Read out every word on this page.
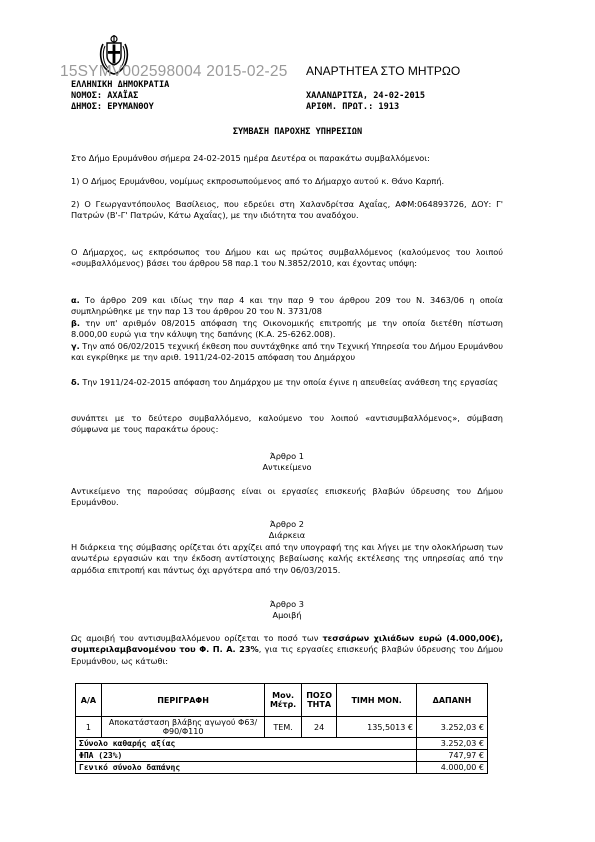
15SYMV002598004 2015-02-25 ΑΝΑΡΤΗΤΕΑ ΣΤΟ ΜΗΤΡΩΟ
ΕΛΛΗΝΙΚΗ ΔΗΜΟΚΡΑΤΙΑ
ΝΟΜΟΣ: ΑΧΑΪΑΣ
ΔΗΜΟΣ: ΕΡΥΜΑΝΘΟΥ
ΧΑΛΑΝΔΡΙΤΣΑ, 24-02-2015
ΑΡΙΘΜ. ΠΡΩΤ.: 1913
ΣΥΜΒΑΣΗ ΠΑΡΟΧΗΣ ΥΠΗΡΕΣΙΩΝ
Στο Δήμο Ερυμάνθου σήμερα 24-02-2015 ημέρα Δευτέρα οι παρακάτω συμβαλλόμενοι:
1) Ο Δήμος Ερυμάνθου, νομίμως εκπροσωπούμενος από το Δήμαρχο αυτού κ. Θάνο Καρπή.
2) Ο Γεωργαντόπουλος Βασίλειος, που εδρεύει στη Χαλανδρίτσα Αχαΐας, ΑΦΜ:064893726, ΔΟΥ: Γ' Πατρών (Β'-Γ' Πατρών, Κάτω Αχαΐας), με την ιδιότητα του αναδόχου.
Ο Δήμαρχος, ως εκπρόσωπος του Δήμου και ως πρώτος συμβαλλόμενος (καλούμενος του λοιπού «συμβαλλόμενος) βάσει του άρθρου 58 παρ.1 του Ν.3852/2010, και έχοντας υπόψη:
α. Το άρθρο 209 και ιδίως την παρ 4 και την παρ 9 του άρθρου 209 του Ν. 3463/06 η οποία συμπληρώθηκε με την παρ 13 του άρθρου 20 του Ν. 3731/08
β. την υπ' αριθμόν 08/2015 απόφαση της Οικονομικής επιτροπής με την οποία διετέθη πίστωση 8.000,00 ευρώ για την κάλυψη της δαπάνης (Κ.Α. 25-6262.008).
γ. Την από 06/02/2015 τεχνική έκθεση που συντάχθηκε από την Τεχνική Υπηρεσία του Δήμου Ερυμάνθου και εγκρίθηκε με την αριθ. 1911/24-02-2015 απόφαση του Δημάρχου
δ. Την 1911/24-02-2015 απόφαση του Δημάρχου με την οποία έγινε η απευθείας ανάθεση της εργασίας
συνάπτει με το δεύτερο συμβαλλόμενο, καλούμενο του λοιπού «αντισυμβαλλόμενος», σύμβαση σύμφωνα με τους παρακάτω όρους:
Άρθρο 1
Αντικείμενο
Αντικείμενο της παρούσας σύμβασης είναι οι εργασίες επισκευής βλαβών ύδρευσης του Δήμου Ερυμάνθου.
Άρθρο 2
Διάρκεια
Η διάρκεια της σύμβασης ορίζεται ότι αρχίζει από την υπογραφή της και λήγει με την ολοκλήρωση των ανωτέρω εργασιών και την έκδοση αντίστοιχης βεβαίωσης καλής εκτέλεσης της υπηρεσίας από την αρμόδια επιτροπή και πάντως όχι αργότερα από την 06/03/2015.
Άρθρο 3
Αμοιβή
Ως αμοιβή του αντισυμβαλλόμενου ορίζεται το ποσό των τεσσάρων χιλιάδων ευρώ (4.000,00€), συμπεριλαμβανομένου του Φ. Π. Α. 23%, για τις εργασίες επισκευής βλαβών ύδρευσης του Δήμου Ερυμάνθου, ως κάτωθι:
Α/Α	ΠΕΡΙΓΡΑΦΗ	Μον. Μέτρ.	ΠΟΣΟ ΤΗΤΑ	ΤΙΜΗ ΜΟΝ.	ΔΑΠΑΝΗ
1	Αποκατάσταση βλάβης αγωγού Φ63/Φ90/Φ110	ΤΕΜ.	24	135,5013 €	3.252,03 €
Σύνολο καθαρής αξίας					3.252,03 €
ΦΠΑ (23%)					747,97 €
Γενικό σύνολο δαπάνης					4.000,00 €
